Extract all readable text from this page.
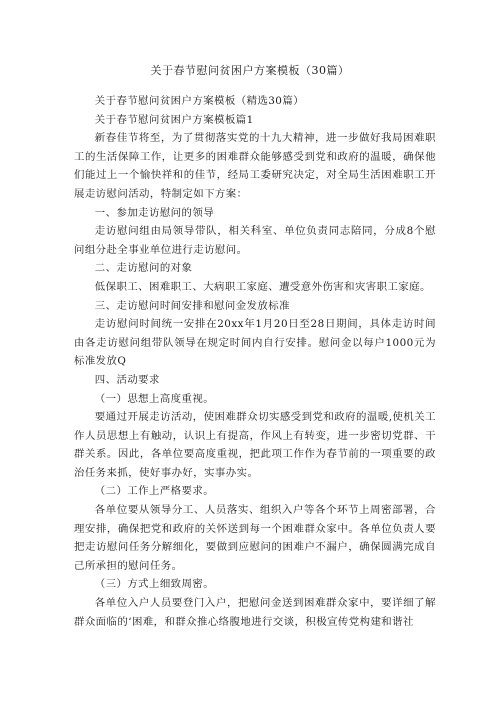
关于春节慰问贫困户方案模板（30篇）

关于春节慰问贫困户方案模板（精选30篇）

关于春节慰问贫困户方案模板篇1

新春佳节将至，为了贯彻落实党的十九大精神，进一步做好我局困难职工的生活保障工作，让更多的困难群众能够感受到党和政府的温暖，确保他们能过上一个愉快祥和的佳节，经局工委研究决定，对全局生活困难职工开展走访慰问活动，特制定如下方案：

一、参加走访慰问的领导

走访慰问组由局领导带队，相关科室、单位负责同志陪同，分成8个慰问组分赴全事业单位进行走访慰问。

二、走访慰问的对象

低保职工、困难职工、大病职工家庭、遭受意外伤害和灾害职工家庭。

三、走访慰问时间安排和慰问金发放标准

走访慰问时间统一安排在20xx年1月20日至28日期间，具体走访时间由各走访慰问组带队领导在规定时间内自行安排。慰问金以每户1000元为标准发放Q

四、活动要求

（一）思想上高度重视。

要通过开展走访活动，使困难群众切实感受到党和政府的温暖,使机关工作人员思想上有触动，认识上有提高，作风上有转变，进一步密切党群、干群关系。因此，各单位要高度重视，把此项工作作为春节前的一项重要的政治任务来抓，使好事办好，实事办实。

（二）工作上严格要求。

各单位要从领导分工、人员落实、组织入户等各个环节上周密部署，合理安排，确保把党和政府的关怀送到每一个困难群众家中。各单位负责人要把走访慰问任务分解细化，要做到应慰问的困难户不漏户，确保圆满完成自己所承担的慰问任务。

（三）方式上细致周密。

各单位入户人员要登门入户，把慰问金送到困难群众家中，要详细了解群众面临的‘困难，和群众推心络腹地进行交谈，积极宣传党构建和谐社
